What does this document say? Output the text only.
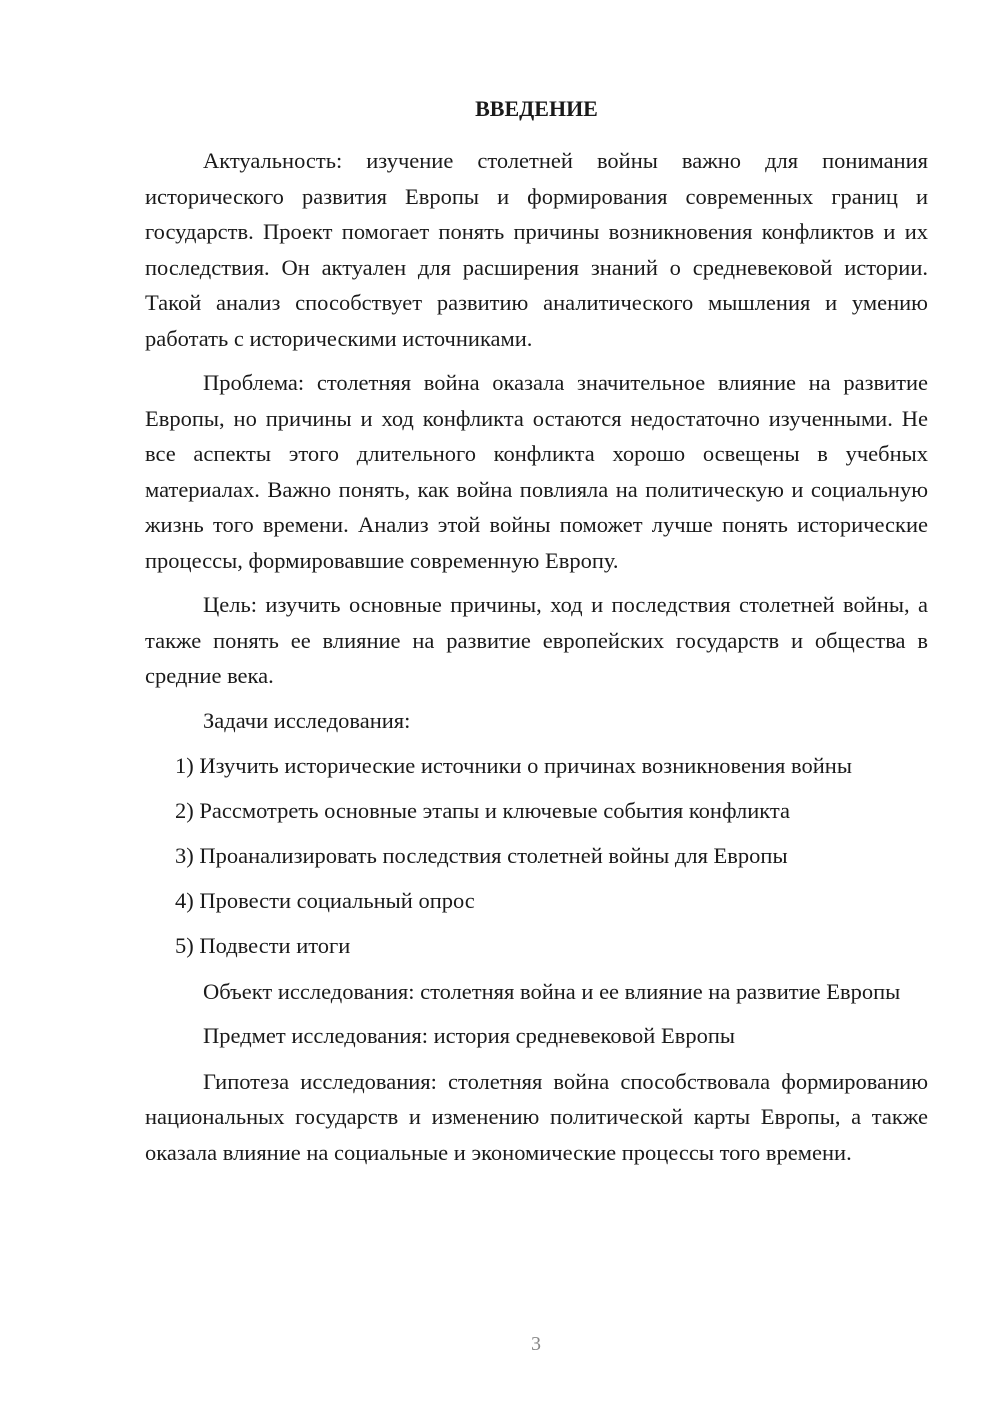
ВВЕДЕНИЕ

Актуальность: изучение столетней войны важно для понимания исторического развития Европы и формирования современных границ и государств. Проект помогает понять причины возникновения конфликтов и их последствия. Он актуален для расширения знаний о средневековой истории. Такой анализ способствует развитию аналитического мышления и умению работать с историческими источниками.

Проблема: столетняя война оказала значительное влияние на развитие Европы, но причины и ход конфликта остаются недостаточно изученными. Не все аспекты этого длительного конфликта хорошо освещены в учебных материалах. Важно понять, как война повлияла на политическую и социальную жизнь того времени. Анализ этой войны поможет лучше понять исторические процессы, формировавшие современную Европу.

Цель: изучить основные причины, ход и последствия столетней войны, а также понять ее влияние на развитие европейских государств и общества в средние века.

Задачи исследования:

1) Изучить исторические источники о причинах возникновения войны
2) Рассмотреть основные этапы и ключевые события конфликта
3) Проанализировать последствия столетней войны для Европы
4) Провести социальный опрос
5) Подвести итоги

Объект исследования: столетняя война и ее влияние на развитие Европы

Предмет исследования: история средневековой Европы

Гипотеза исследования: столетняя война способствовала формированию национальных государств и изменению политической карты Европы, а также оказала влияние на социальные и экономические процессы того времени.

3
